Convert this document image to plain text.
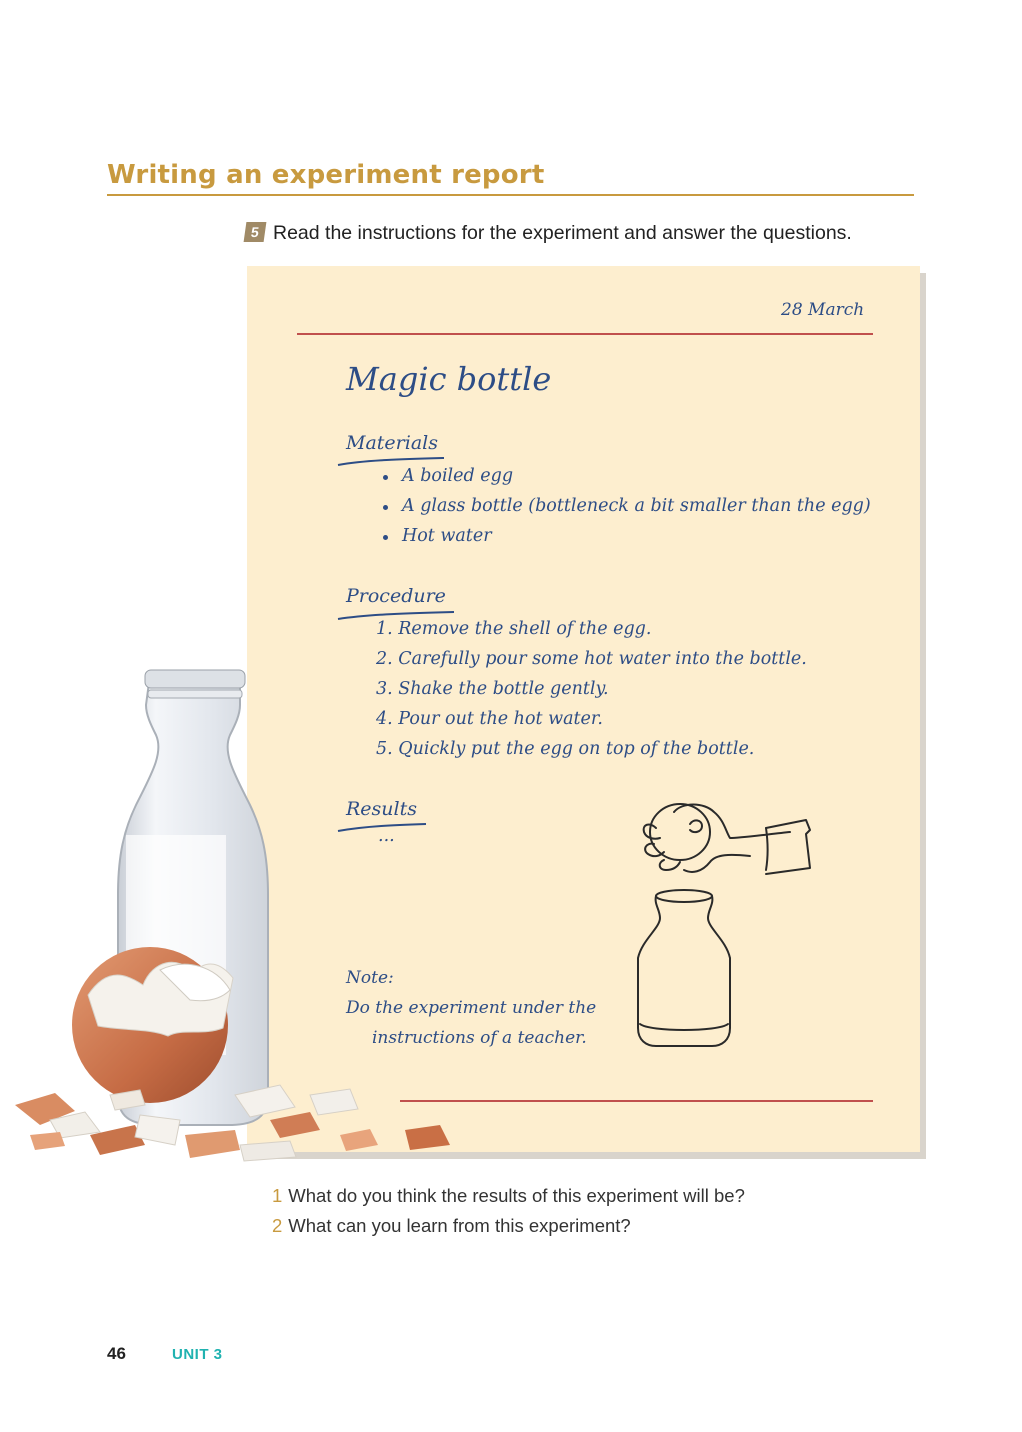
Writing an experiment report
5 Read the instructions for the experiment and answer the questions.
28 March
Magic bottle
Materials
A boiled egg
A glass bottle (bottleneck a bit smaller than the egg)
Hot water
Procedure
1. Remove the shell of the egg.
2. Carefully pour some hot water into the bottle.
3. Shake the bottle gently.
4. Pour out the hot water.
5. Quickly put the egg on top of the bottle.
Results
...
Note:
Do the experiment under the
instructions of a teacher.
1 What do you think the results of this experiment will be?
2 What can you learn from this experiment?
46	UNIT 3
